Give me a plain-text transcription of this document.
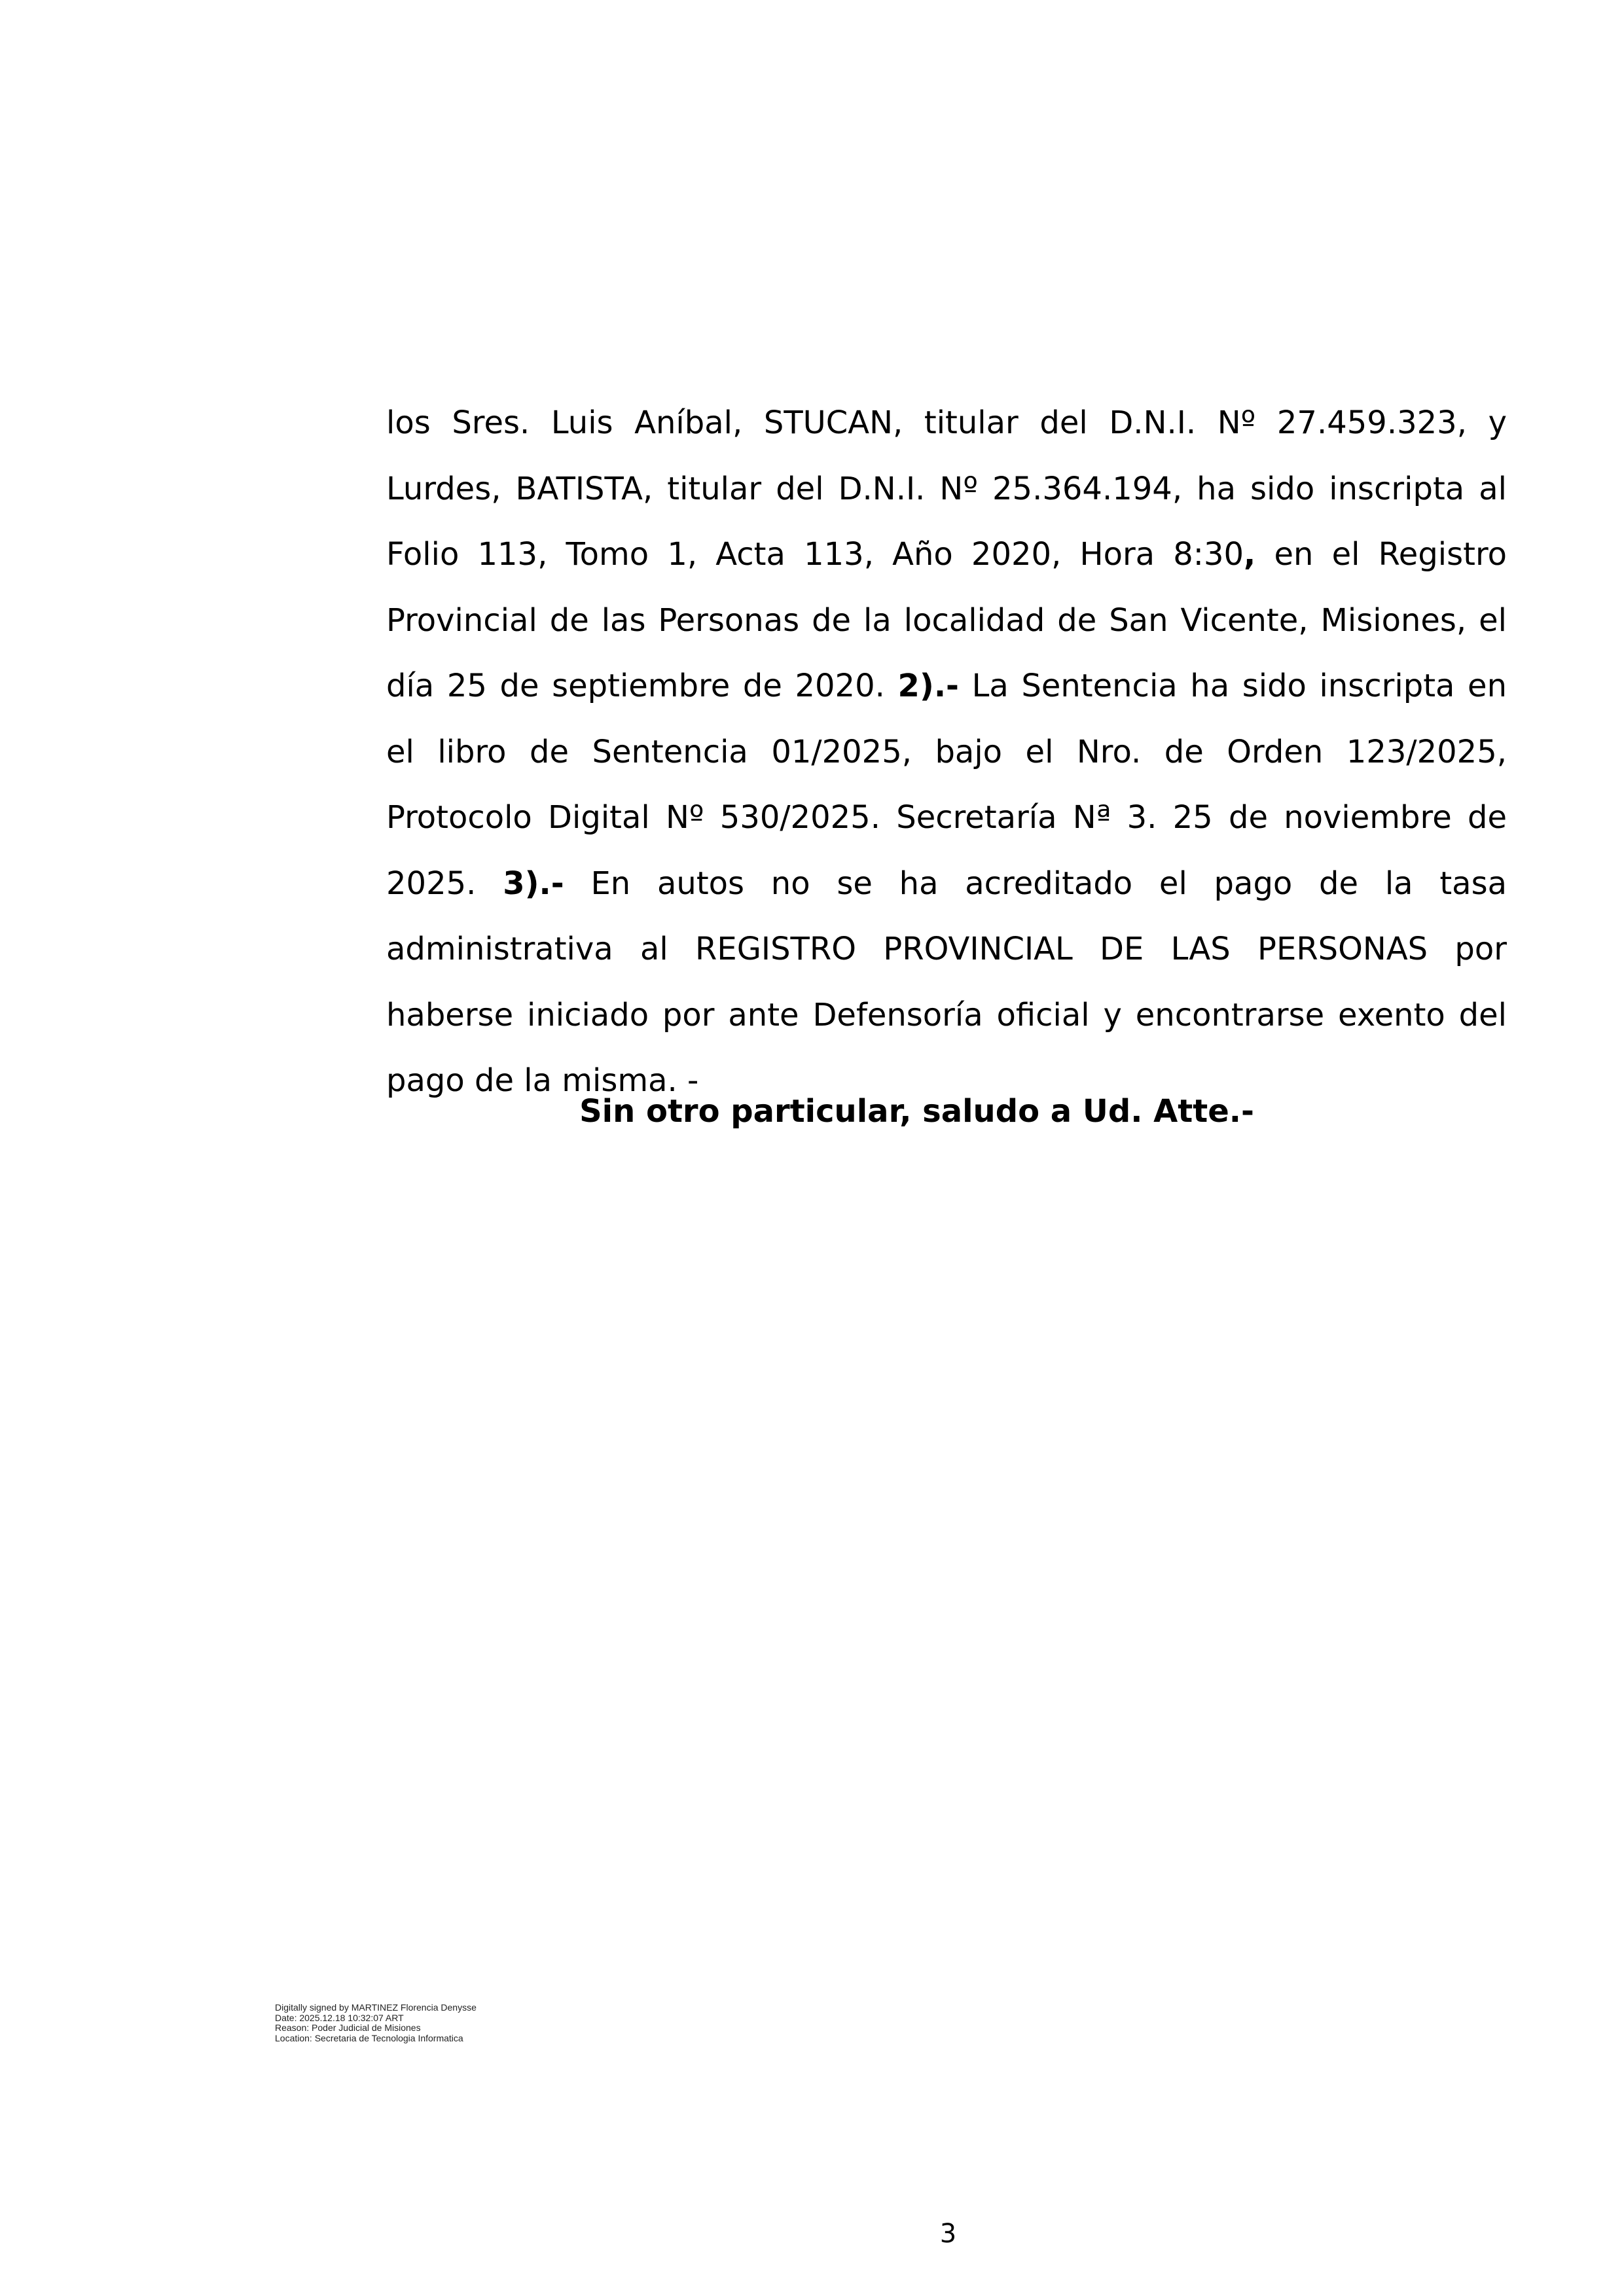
los Sres. Luis Aníbal, STUCAN, titular del D.N.I. Nº 27.459.323, y Lurdes, BATISTA, titular del D.N.I. Nº 25.364.194, ha sido inscripta al Folio 113, Tomo 1, Acta 113, Año 2020, Hora 8:30, en el Registro Provincial de las Personas de la localidad de San Vicente, Misiones, el día 25 de septiembre de 2020. 2).- La Sentencia ha sido inscripta en el libro de Sentencia 01/2025, bajo el Nro. de Orden 123/2025, Protocolo Digital Nº 530/2025. Secretaría Nª 3. 25 de noviembre de 2025. 3).- En autos no se ha acreditado el pago de la tasa administrativa al REGISTRO PROVINCIAL DE LAS PERSONAS por haberse iniciado por ante Defensoría oficial y encontrarse exento del pago de la misma. -

Sin otro particular, saludo a Ud. Atte.-

Digitally signed by MARTINEZ Florencia Denysse
Date: 2025.12.18 10:32:07 ART
Reason: Poder Judicial de Misiones
Location: Secretaria de Tecnologia Informatica
3
